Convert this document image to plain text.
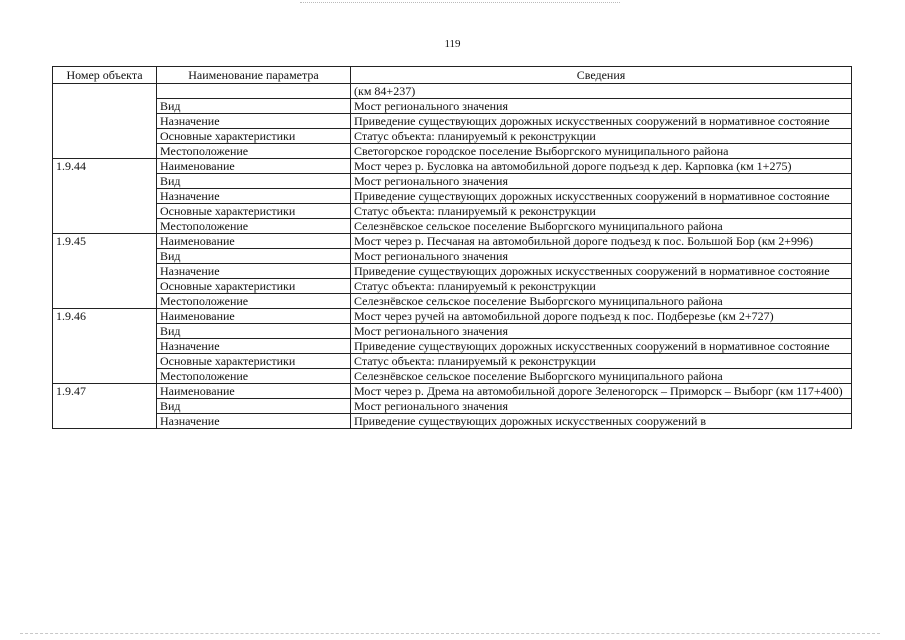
119
Номер объекта	Наименование параметра	Сведения
		(км 84+237)
	Вид	Мост регионального значения
	Назначение	Приведение существующих дорожных искусственных сооружений в нормативное состояние
	Основные характеристики	Статус объекта: планируемый к реконструкции
	Местоположение	Светогорское городское поселение Выборгского муниципального района
1.9.44	Наименование	Мост через р. Бусловка на автомобильной дороге подъезд к дер. Карповка (км 1+275)
	Вид	Мост регионального значения
	Назначение	Приведение существующих дорожных искусственных сооружений в нормативное состояние
	Основные характеристики	Статус объекта: планируемый к реконструкции
	Местоположение	Селезнёвское сельское поселение Выборгского муниципального района
1.9.45	Наименование	Мост через р. Песчаная на автомобильной дороге подъезд к пос. Большой Бор (км 2+996)
	Вид	Мост регионального значения
	Назначение	Приведение существующих дорожных искусственных сооружений в нормативное состояние
	Основные характеристики	Статус объекта: планируемый к реконструкции
	Местоположение	Селезнёвское сельское поселение Выборгского муниципального района
1.9.46	Наименование	Мост через ручей на автомобильной дороге подъезд к пос. Подберезье (км 2+727)
	Вид	Мост регионального значения
	Назначение	Приведение существующих дорожных искусственных сооружений в нормативное состояние
	Основные характеристики	Статус объекта: планируемый к реконструкции
	Местоположение	Селезнёвское сельское поселение Выборгского муниципального района
1.9.47	Наименование	Мост через р. Дрема на автомобильной дороге Зеленогорск – Приморск – Выборг (км 117+400)
	Вид	Мост регионального значения
	Назначение	Приведение существующих дорожных искусственных сооружений в
